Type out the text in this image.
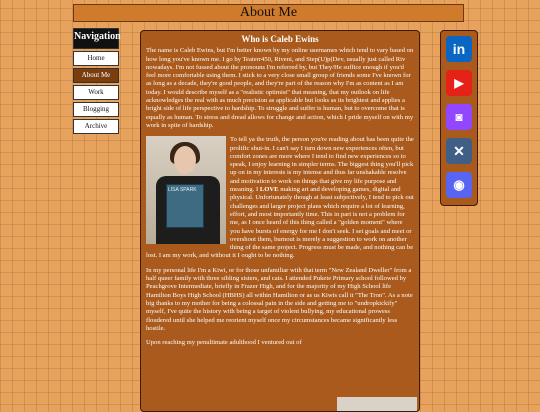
About Me
Navigation
Home
About Me
Work
Blogging
Archive
Who is Caleb Ewins

The name is Caleb Ewins, but I'm better known by my online usernames which tend to vary based on how long you've known me. I go by Teaterr450, Riveni, and Step(U)p(Dev, usually just called Riv nowadays. I'm not fussed about the pronouns I'm referred by, but They/He suffice enough if you'd feel more comfortable using them. I stick to a very close small group of friends some I've known for as long as a decade, they're good people, and they're part of the reason why I'm as content as I am today. I would describe myself as a "realistic optimist" that meaning, that my outlook on life acknowledges the real with as much precision as applicable but looks as its brightest and applies a bright side of life perspective to hardship. To struggle and suffer is human, but to overcome that is equally as human. To stress and dread allows for change and action, which I pride myself on with my work in spite of hardship.

LISA SPARK

To tell ya the truth, the person you're reading about has been quite the prolific shut-in. I can't say I turn down new experiences often, but comfort zones are more where I tend to find new experiences so to speak, I enjoy learning in simpler terms. The biggest thing you'll pick up on in my interests is my intense and thus far unshakable resolve and motivation to work on things that give my life purpose and meaning. I LOVE making art and developing games, digital and physical. Unfortunately though at least subjectively, I tend to pick out challenges and larger project plans which require a lot of learning, effort, and most importantly time. This in part is not a problem for me, as I once heard of this thing called a "golden moment" where you have bursts of energy for me I don't seek. I set goals and meet or overshoot them, burnout is merely a suggestion to work on another thing of the same project. Progress must be made, and nothing can be lost. I am my work, and without it I ought to be nothing.

In my personal life I'm a Kiwi, or for those unfamiliar with that term "New Zealand Dweller" from a half queer family with three sibling sisters, and cats. I attended Pukete Primary school followed by Peachgrove Intermediate, briefly in Frazer High, and for the majority of my High School life Hamilton Boys High School (HBHS) all within Hamilton or as us Kiwis call it "The Tron". As a note big thanks to my mother for being a colossal pain in the side and getting me to "undropkickify" myself, I've quite the history with being a target of violent bullying, my educational prowess floudered until she helped me reorient myself once my circumstances became significantly less hostile.

Upon reaching my penultimate adulthood I ventured out of

in
▶
◙
✕
◉
